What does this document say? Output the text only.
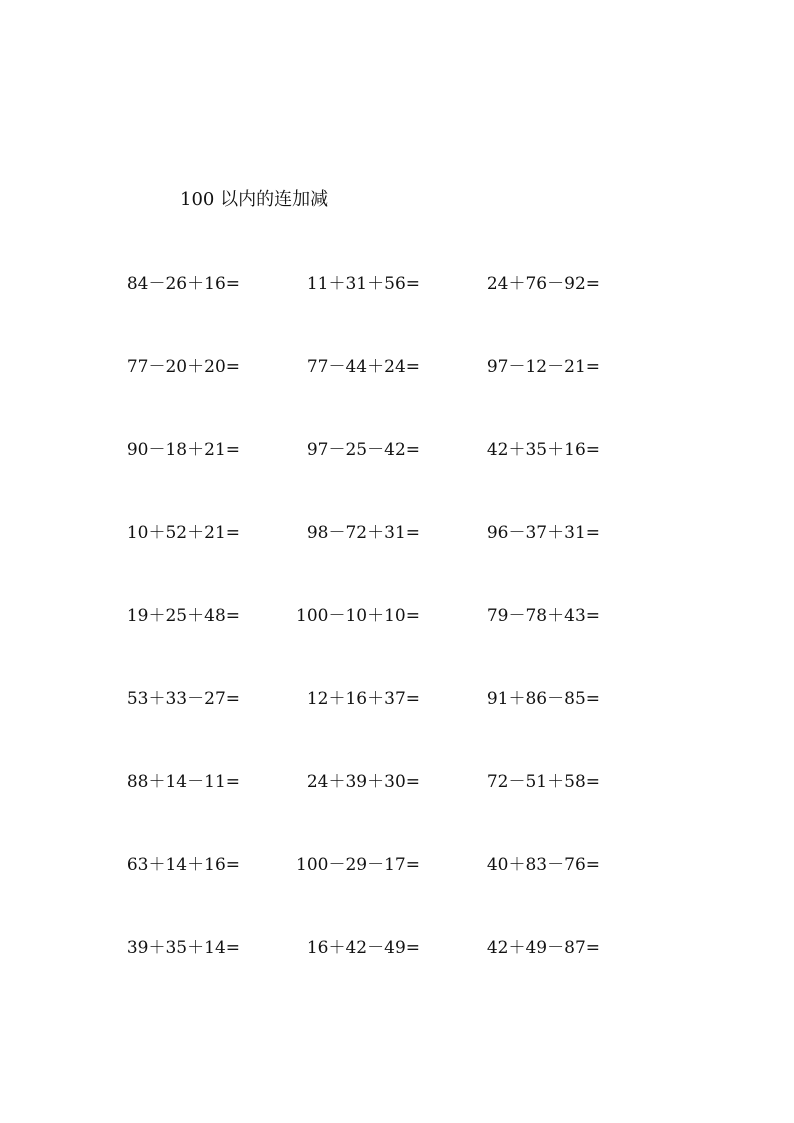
100 以内的连加减
84－26＋16=	11＋31＋56=	24＋76－92=
77－20＋20=	77－44＋24=	97－12－21=
90－18＋21=	97－25－42=	42＋35＋16=
10＋52＋21=	98－72＋31=	96－37＋31=
19＋25＋48=	100－10＋10=	79－78＋43=
53＋33－27=	12＋16＋37=	91＋86－85=
88＋14－11=	24＋39＋30=	72－51＋58=
63＋14＋16=	100－29－17=	40＋83－76=
39＋35＋14=	16＋42－49=	42＋49－87=
